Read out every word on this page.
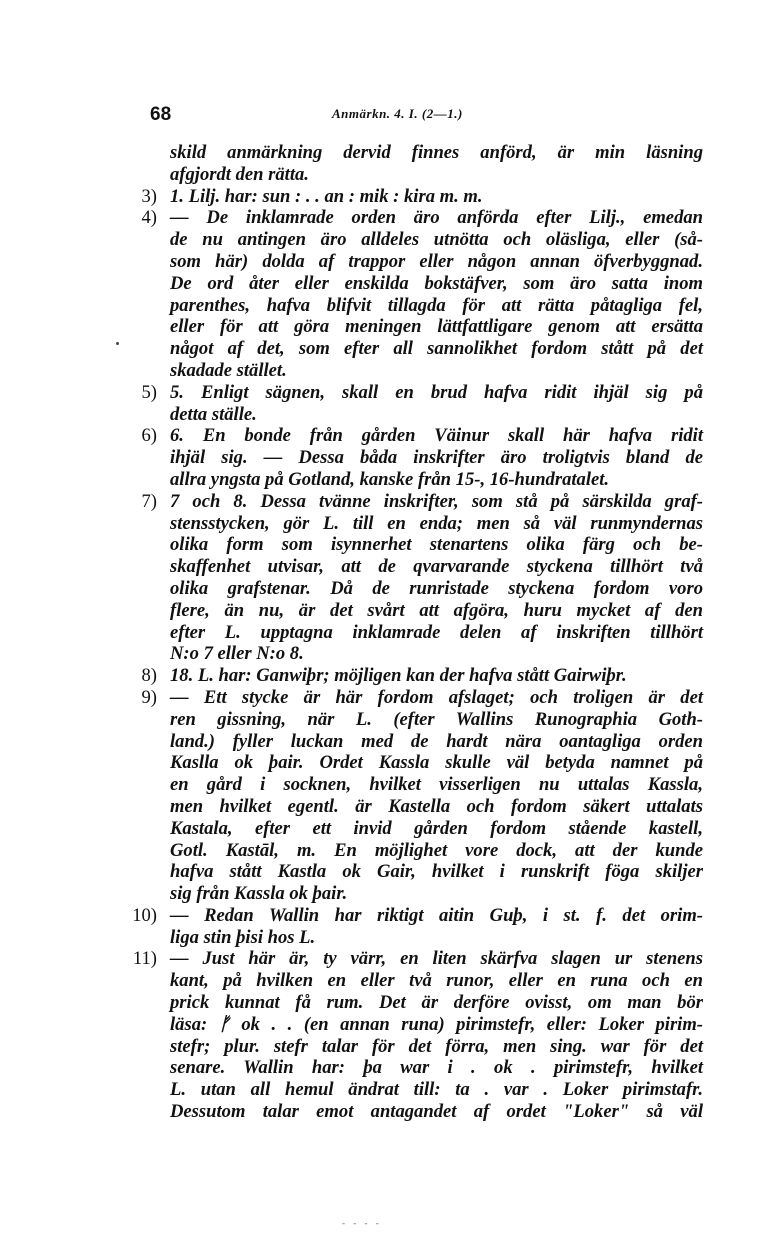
68	Anmärkn. 4. I. (2—1.)
skild anmärkning dervid finnes anförd, är min läsning
afgjordt den rätta.
3) 1. Lilj. har: sun : . . an : mik : kira m. m.
4) — De inklamrade orden äro anförda efter Lilj., emedan
de nu antingen äro alldeles utnötta och oläsliga, eller (så-
som här) dolda af trappor eller någon annan öfverbyggnad.
De ord åter eller enskilda bokstäfver, som äro satta inom
parenthes, hafva blifvit tillagda för att rätta påtagliga fel,
eller för att göra meningen lättfattligare genom att ersätta
något af det, som efter all sannolikhet fordom stått på det
skadade stället.
5) 5. Enligt sägnen, skall en brud hafva ridit ihjäl sig på
detta ställe.
6) 6. En bonde från gården Väinur skall här hafva ridit
ihjäl sig. — Dessa båda inskrifter äro troligtvis bland de
allra yngsta på Gotland, kanske från 15-, 16-hundratalet.
7) 7 och 8. Dessa tvänne inskrifter, som stå på särskilda graf-
stensstycken, gör L. till en enda; men så väl runmyndernas
olika form som isynnerhet stenartens olika färg och be-
skaffenhet utvisar, att de qvarvarande styckena tillhört två
olika grafstenar. Då de runristade styckena fordom voro
flere, än nu, är det svårt att afgöra, huru mycket af den
efter L. upptagna inklamrade delen af inskriften tillhört
N:o 7 eller N:o 8.
8) 18. L. har: Ganwiþr; möjligen kan der hafva stått Gairwiþr.
9) — Ett stycke är här fordom afslaget; och troligen är det
ren gissning, när L. (efter Wallins Runographia Goth-
land.) fyller luckan med de hardt nära oantagliga orden
Kaslla ok þair. Ordet Kassla skulle väl betyda namnet på
en gård i socknen, hvilket visserligen nu uttalas Kassla,
men hvilket egentl. är Kastella och fordom säkert uttalats
Kastala, efter ett invid gården fordom stående kastell,
Gotl. Kastāl, m. En möjlighet vore dock, att der kunde
hafva stått Kastla ok Gair, hvilket i runskrift föga skiljer
sig från Kassla ok þair.
10) — Redan Wallin har riktigt aitin Guþ, i st. f. det orim-
liga stin þisi hos L.
11) — Just här är, ty värr, en liten skärfva slagen ur stenens
kant, på hvilken en eller två runor, eller en runa och en
prick kunnat få rum. Det är derföre ovisst, om man bör
läsa: ᚠ ok . . (en annan runa) pirimstefr, eller: Loker pirim-
stefr; plur. stefr talar för det förra, men sing. war för det
senare. Wallin har: þa war i . ok . pirimstefr, hvilket
L. utan all hemul ändrat till: ta . var . Loker pirimstafr.
Dessutom talar emot antagandet af ordet "Loker" så väl
- - - -
